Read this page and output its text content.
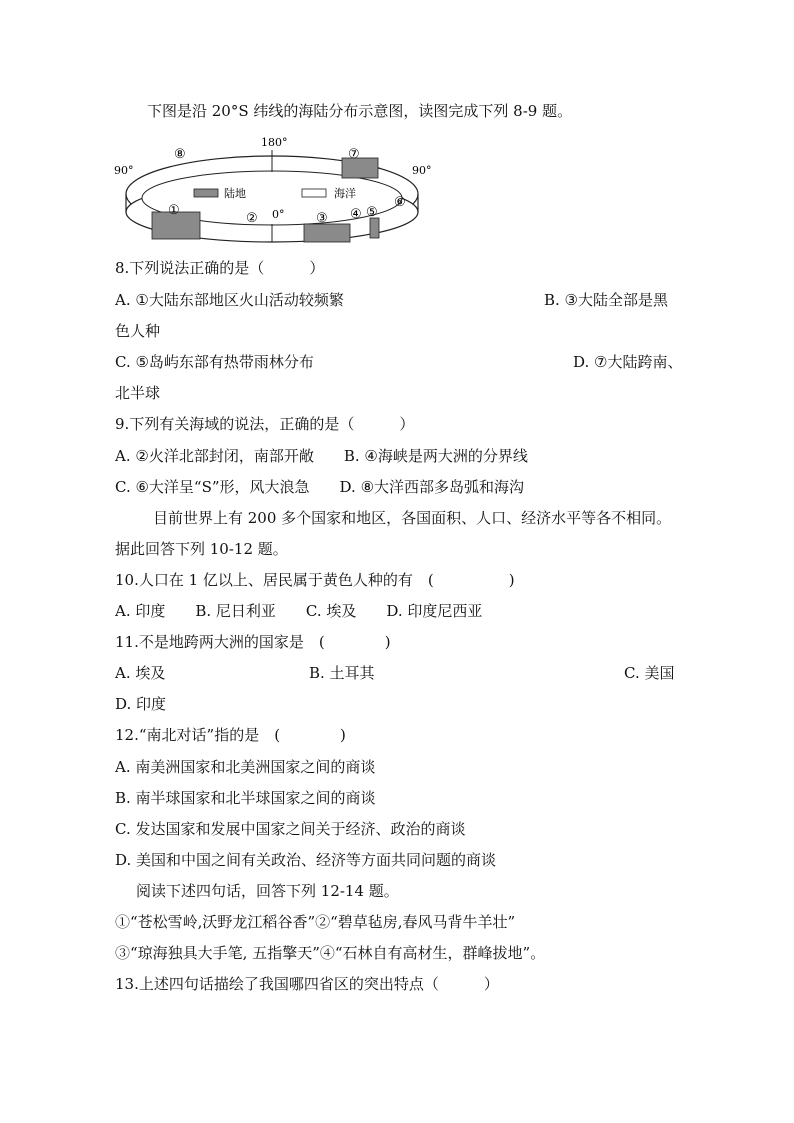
下图是沿 20°S 纬线的海陆分布示意图，读图完成下列 8-9 题。
陆地	海洋
180°
0°
90°	90°
⑧	⑦
①
②	③ ④ ⑤
⑥
8.下列说法正确的是（　　　）
A. ①大陆东部地区火山活动较频繁	B. ③大陆全部是黑
色人种
C. ⑤岛屿东部有热带雨林分布	D. ⑦大陆跨南、
北半球
9.下列有关海域的说法，正确的是（　　　）
A. ②火洋北部封闭，南部开敞　　B. ④海峡是两大洲的分界线
C. ⑥大洋呈“S”形，风大浪急　　D. ⑧大洋西部多岛弧和海沟
目前世界上有 200 多个国家和地区，各国面积、人口、经济水平等各不相同。
据此回答下列 10-12 题。
10.人口在 1 亿以上、居民属于黄色人种的有　(　　　　　)
A. 印度　　B. 尼日利亚　　C. 埃及　　D. 印度尼西亚
11.不是地跨两大洲的国家是　(　　　　)
A. 埃及	B. 土耳其	C. 美国
D. 印度
12.“南北对话”指的是　(　　　　)
A. 南美洲国家和北美洲国家之间的商谈
B. 南半球国家和北半球国家之间的商谈
C. 发达国家和发展中国家之间关于经济、政治的商谈
D. 美国和中国之间有关政治、经济等方面共同问题的商谈
阅读下述四句话，回答下列 12-14 题。
①“苍松雪岭,沃野龙江稻谷香”②“碧草毡房,春风马背牛羊壮”
③“琼海独具大手笔, 五指擎天”④“石林自有高材生，群峰拔地”。
13.上述四句话描绘了我国哪四省区的突出特点（　　　）
